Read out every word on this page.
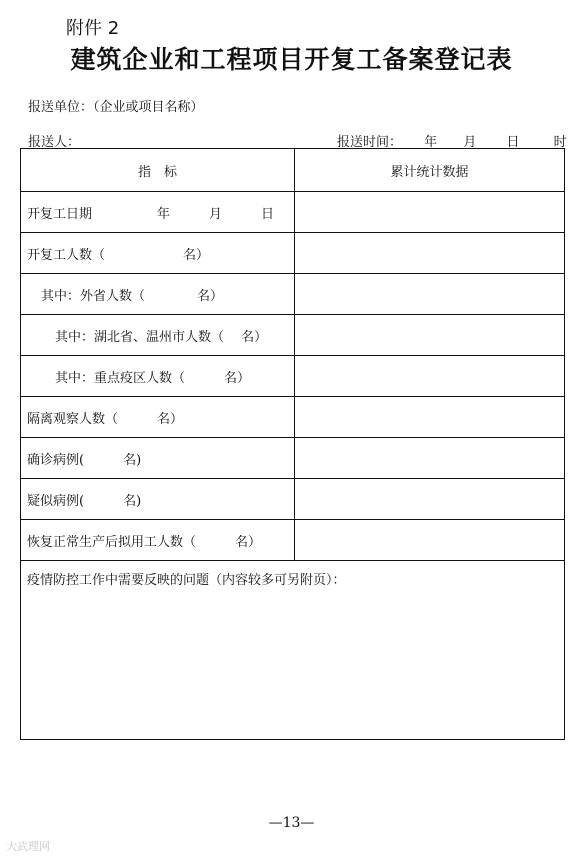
附件 2
建筑企业和工程项目开复工备案登记表
报送单位：（企业或项目名称）
报送人：	报送时间： 年 月 日	时
指　标	累计统计数据
开复工日期　　　　　年　　　月　　　日	
开复工人数（　　　　　　名）	
其中：外省人数（　　　　名）	
其中：湖北省、温州市人数（　 名）	
其中：重点疫区人数（　　　名）	
隔离观察人数（　　　名）	
确诊病例(　　　名)	
疑似病例(　　　名)	
恢复正常生产后拟用工人数（　　　名）	
疫情防控工作中需要反映的问题（内容较多可另附页）：	
—13—
大武理网
